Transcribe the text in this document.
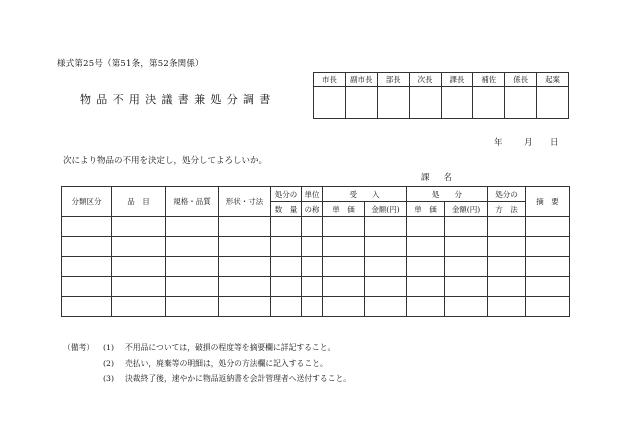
様式第25号（第51条，第52条関係）
物品不用決議書兼処分調書
市長	副市長	部長	次長	課長	補佐	係長	起案

年	月 日
次により物品の不用を決定し，処分してよろしいか。
課 名
分類区分	品　目	規格・品質	形状・寸法	処分の	単位	受　　入		処　　分		処分の	摘　要
				数　量	の称	単　価	金額(円)	単　価	金額(円)	方　法	

（備考）	(1)	不用品については，破損の程度等を摘要欄に詳記すること。
(2)	売払い，廃棄等の明細は，処分の方法欄に記入すること。
(3)	決裁終了後，速やかに物品返納書を会計管理者へ送付すること。
